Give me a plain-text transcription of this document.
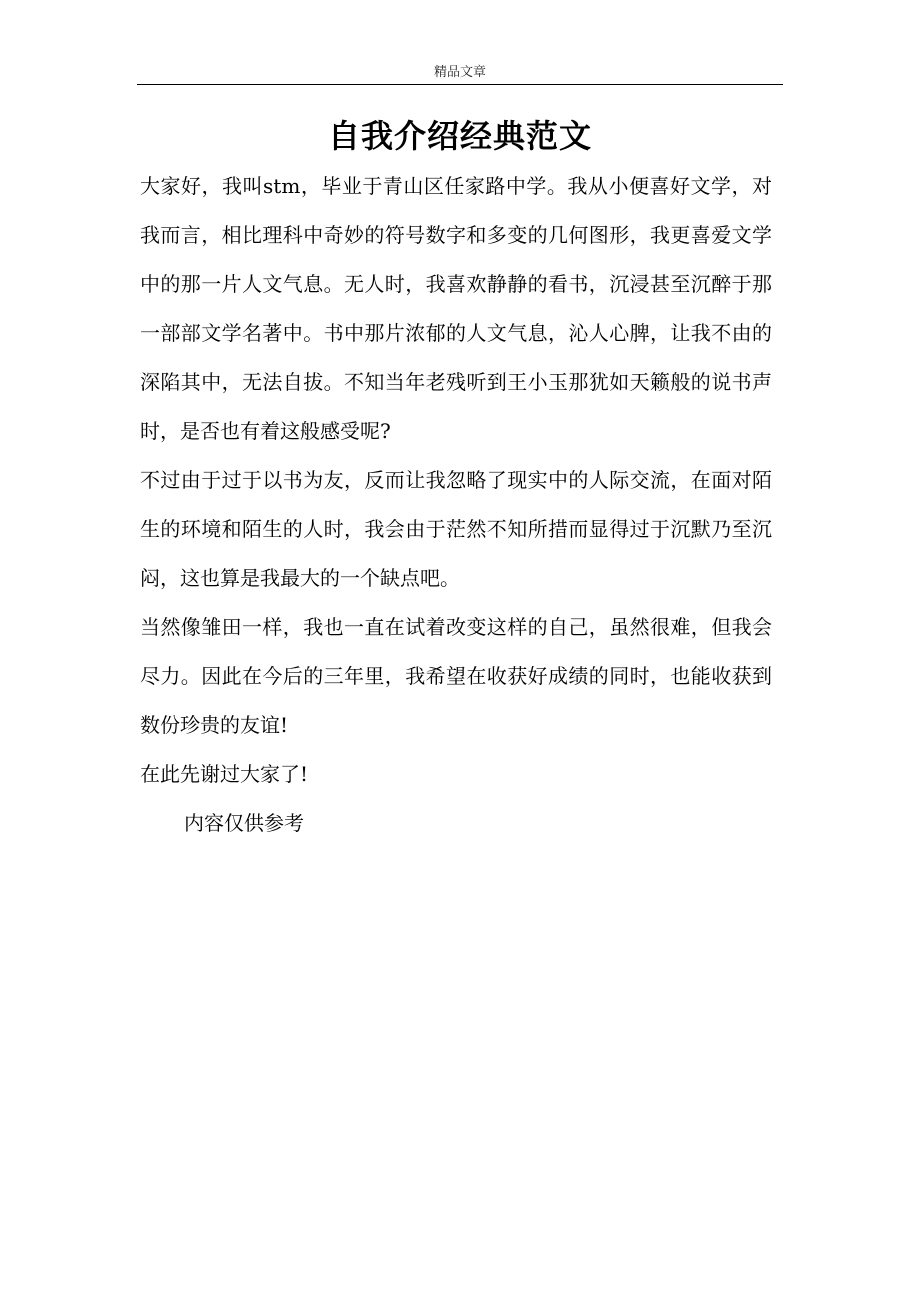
精品文章
自我介绍经典范文

大家好，我叫stm，毕业于青山区任家路中学。我从小便喜好文学，对我而言，相比理科中奇妙的符号数字和多变的几何图形，我更喜爱文学中的那一片人文气息。无人时，我喜欢静静的看书，沉浸甚至沉醉于那一部部文学名著中。书中那片浓郁的人文气息，沁人心脾，让我不由的深陷其中，无法自拔。不知当年老残听到王小玉那犹如天籁般的说书声时，是否也有着这般感受呢?

不过由于过于以书为友，反而让我忽略了现实中的人际交流，在面对陌生的环境和陌生的人时，我会由于茫然不知所措而显得过于沉默乃至沉闷，这也算是我最大的一个缺点吧。

当然像雏田一样，我也一直在试着改变这样的自己，虽然很难，但我会尽力。因此在今后的三年里，我希望在收获好成绩的同时，也能收获到数份珍贵的友谊!

在此先谢过大家了!

内容仅供参考
